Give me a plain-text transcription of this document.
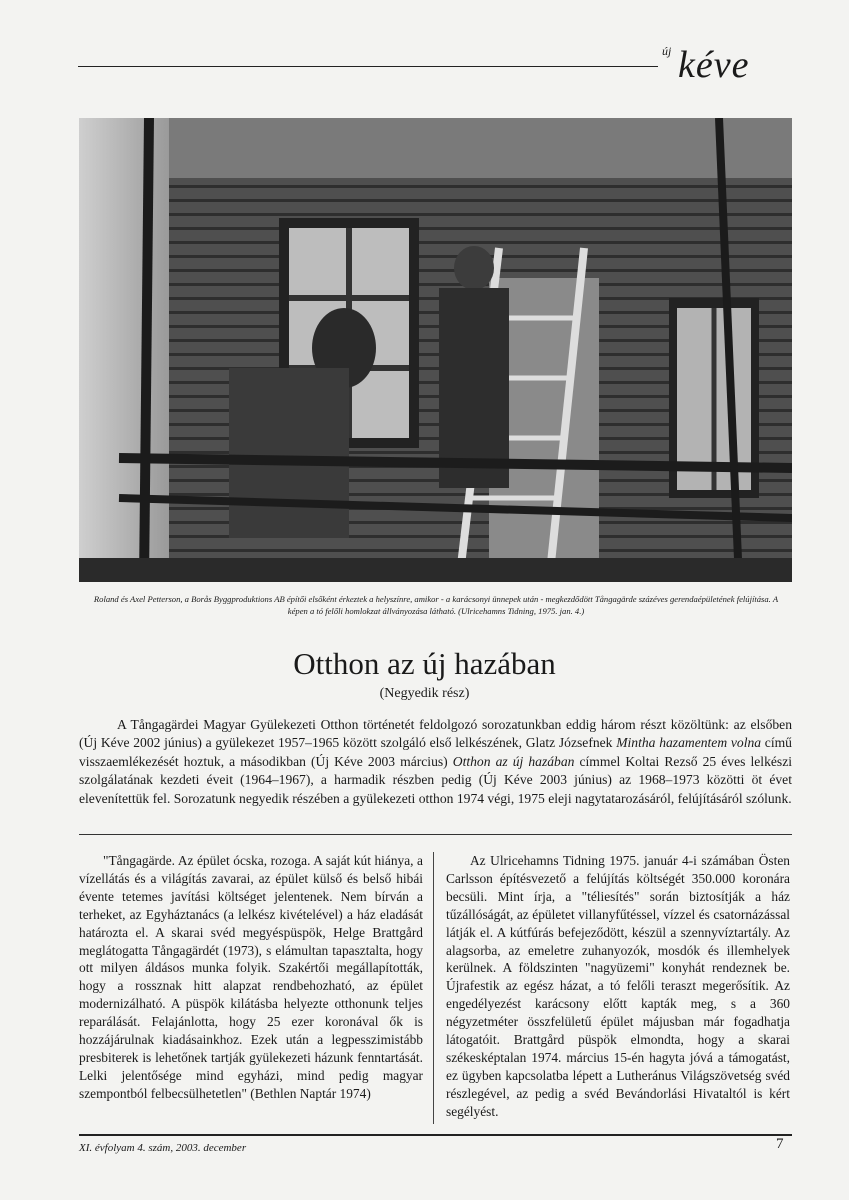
új kéve
Roland és Axel Petterson, a Borås Byggproduktions AB építői elsőként érkeztek a helyszínre, amikor - a karácsonyi ünnepek után - megkezdődött Tångagärde százéves gerendaépületének felújítása. A képen a tó felőli homlokzat állványozása látható. (Ulricehamns Tidning, 1975. jan. 4.)
Otthon az új hazában
(Negyedik rész)

A Tångagärdei Magyar Gyülekezeti Otthon történetét feldolgozó sorozatunkban eddig három részt közöltünk: az elsőben (Új Kéve 2002 június) a gyülekezet 1957–1965 között szolgáló első lelkészének, Glatz Józsefnek Mintha hazamentem volna című visszaemlékezését hoztuk, a másodikban (Új Kéve 2003 március) Otthon az új hazában címmel Koltai Rezső 25 éves lelkészi szolgálatának kezdeti éveit (1964–1967), a harmadik részben pedig (Új Kéve 2003 június) az 1968–1973 közötti öt évet elevenítettük fel. Sorozatunk negyedik részében a gyülekezeti otthon 1974 végi, 1975 eleji nagytatarozásáról, felújításáról szólunk.

"Tångagärde. Az épület ócska, rozoga. A saját kút hiánya, a vízellátás és a világítás zavarai, az épület külső és belső hibái évente tetemes javítási költséget jelentenek. Nem bírván a terheket, az Egyháztanács (a lelkész kivételével) a ház eladását határozta el. A skarai svéd megyéspüspök, Helge Brattgård meglátogatta Tångagärdét (1973), s elámultan tapasztalta, hogy ott milyen áldásos munka folyik. Szakértői megállapították, hogy a rossznak hitt alapzat rendbehozható, az épület modernizálható. A püspök kilátásba helyezte otthonunk teljes reparálását. Felajánlotta, hogy 25 ezer koronával ők is hozzájárulnak kiadásainkhoz. Ezek után a legpesszimistább presbiterek is lehetőnek tartják gyülekezeti házunk fenntartását. Lelki jelentősége mind egyházi, mind pedig magyar szempontból felbecsülhetetlen" (Bethlen Naptár 1974)

Az Ulricehamns Tidning 1975. január 4-i számában Östen Carlsson építésvezető a felújítás költségét 350.000 koronára becsüli. Mint írja, a "téliesítés" során biztosítják a ház tűzállóságát, az épületet villanyfűtéssel, vízzel és csatornázással látják el. A kútfúrás befejeződött, készül a szennyvíztartály. Az alagsorba, az emeletre zuhanyozók, mosdók és illemhelyek kerülnek. A földszinten "nagyüzemi" konyhát rendeznek be. Újrafestik az egész házat, a tó felőli teraszt megerősítik. Az engedélyezést karácsony előtt kapták meg, s a 360 négyzetméter összfelületű épület májusban már fogadhatja látogatóit. Brattgård püspök elmondta, hogy a skarai székesképtalan 1974. március 15-én hagyta jóvá a támogatást, ez ügyben kapcsolatba lépett a Lutheránus Világszövetség svéd részlegével, az pedig a svéd Bevándorlási Hivataltól is kért segélyést.

XI. évfolyam 4. szám, 2003. december	7
